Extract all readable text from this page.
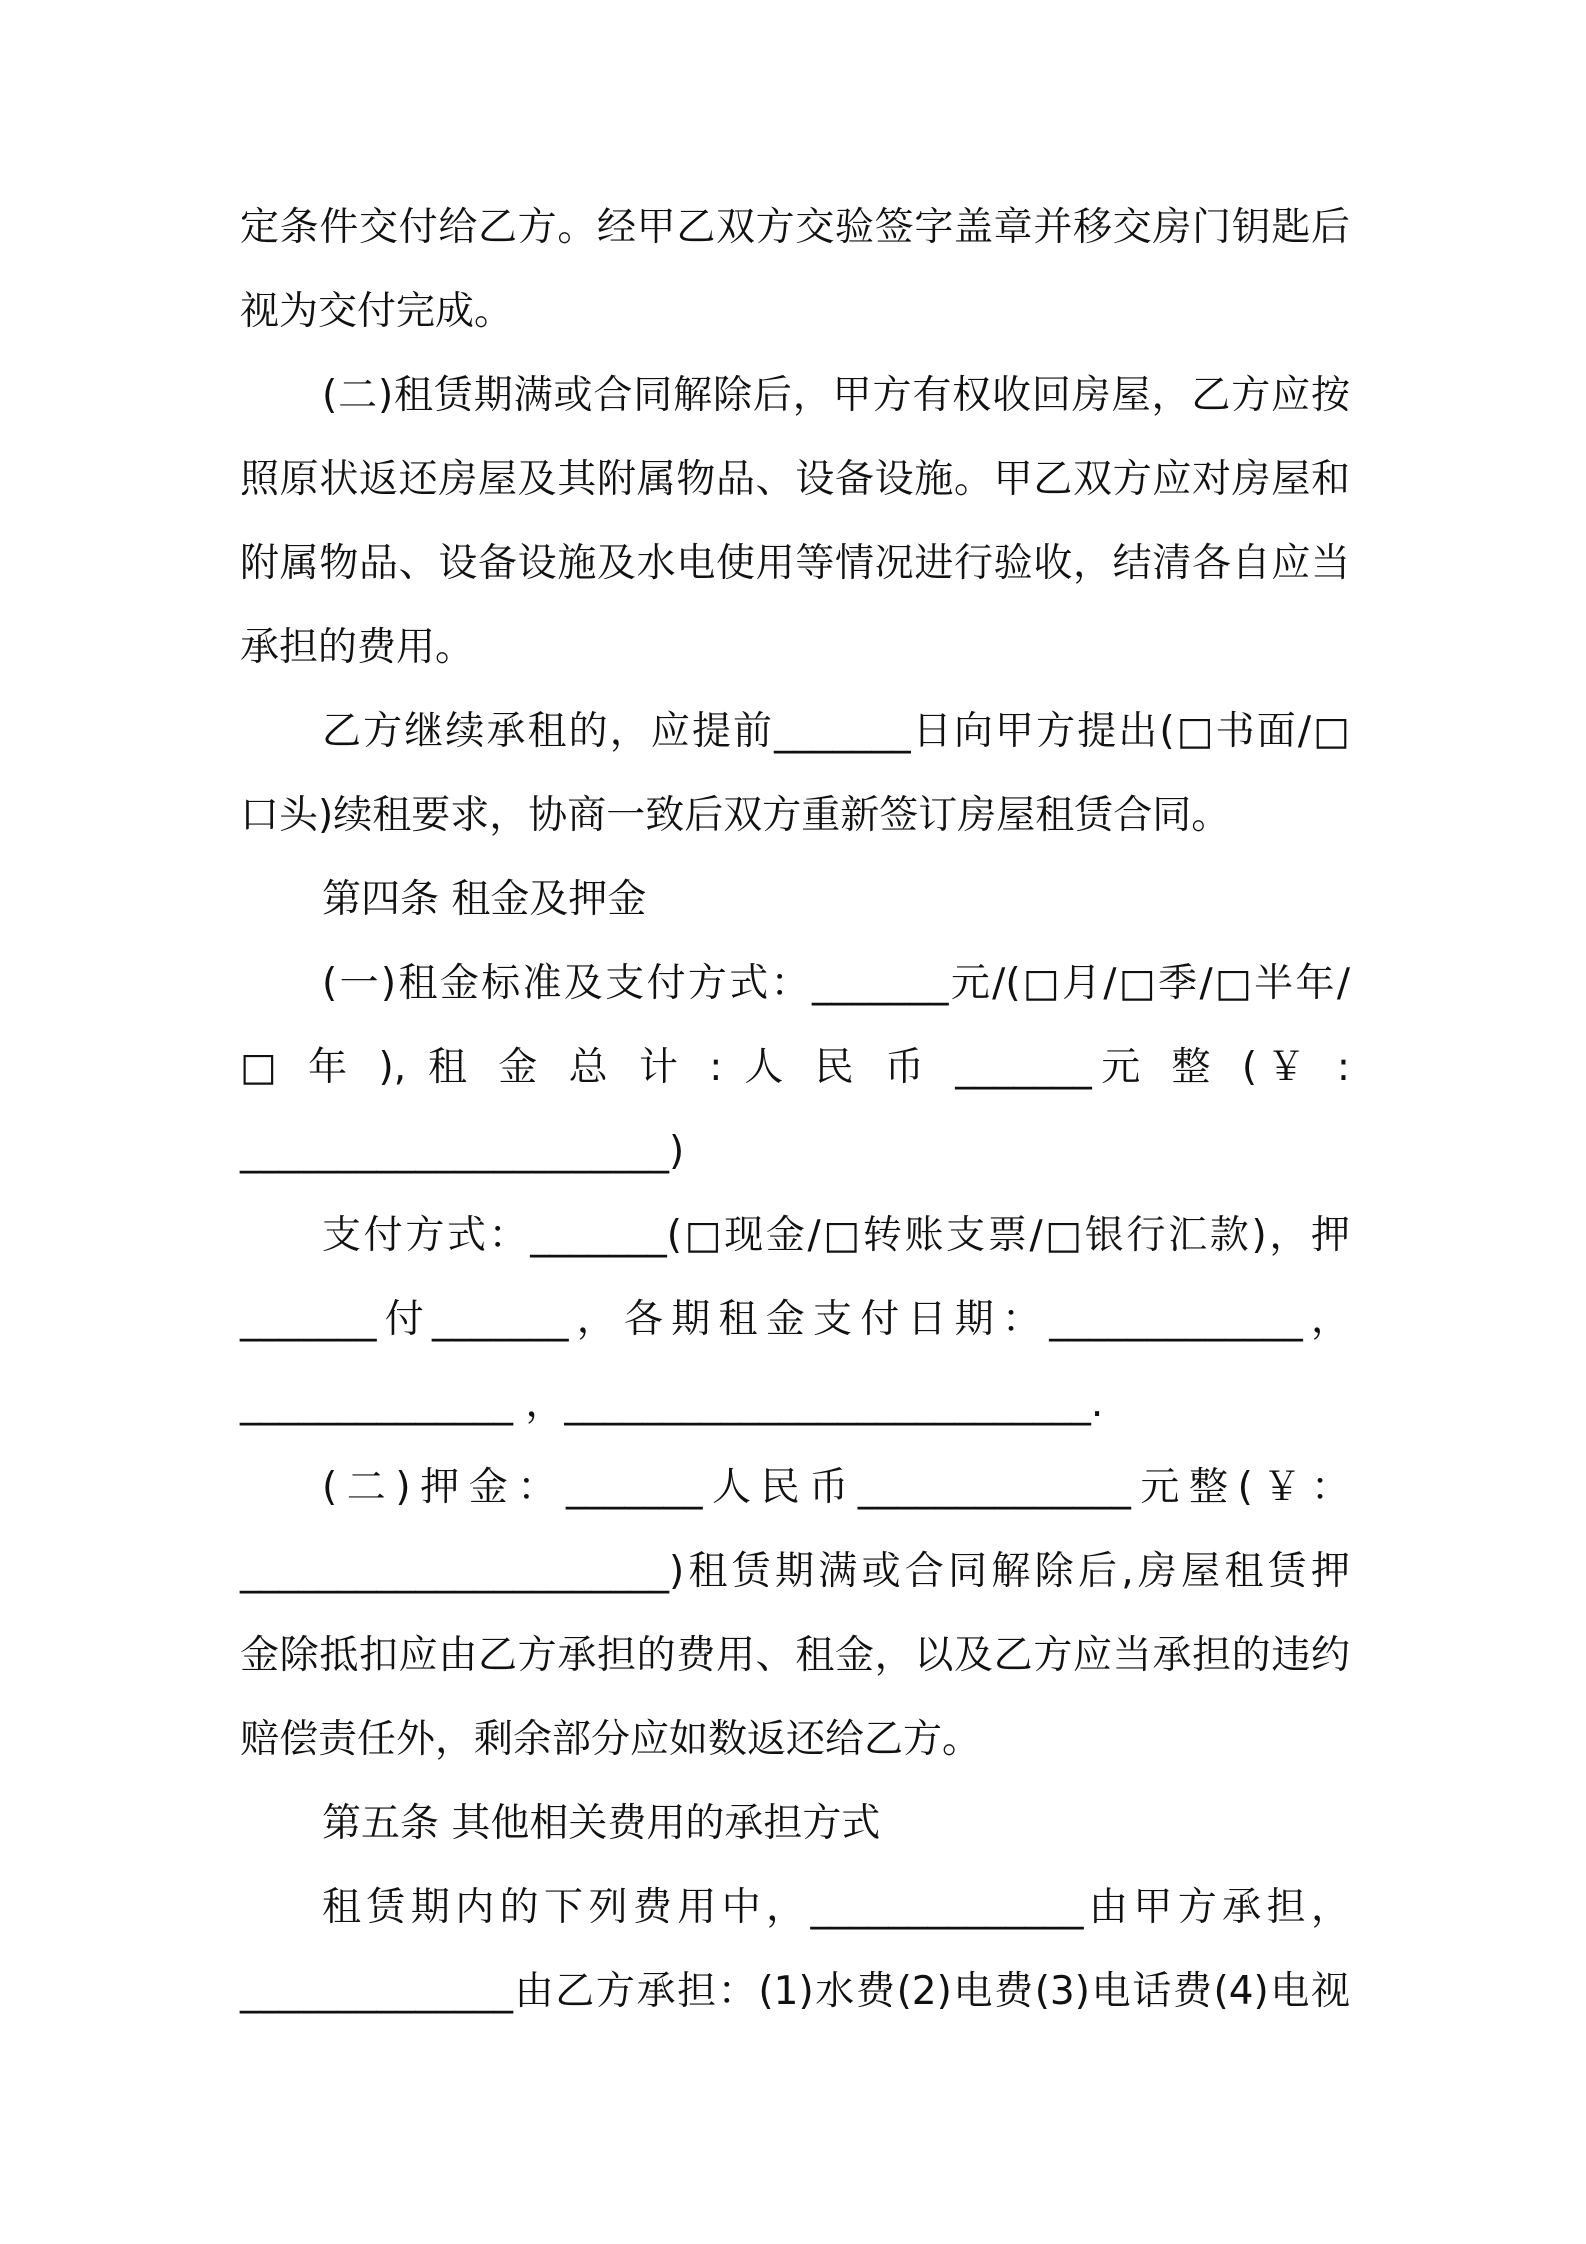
定条件交付给乙方。经甲乙双方交验签字盖章并移交房门钥匙后
视为交付完成。
(二)租赁期满或合同解除后，甲方有权收回房屋，乙方应按
照原状返还房屋及其附属物品、设备设施。甲乙双方应对房屋和
附属物品、设备设施及水电使用等情况进行验收，结清各自应当
承担的费用。
乙方继续承租的，应提前_______日向甲方提出(□书面/□
口头)续租要求，协商一致后双方重新签订房屋租赁合同。
第四条 租金及押金
(一)租金标准及支付方式：_______元/(□月/□季/□半年/
□ 年 ), 租 金 总 计 : 人 民 币 _______元 整 (￥ :
______________________)
支付方式：_______(□现金/□转账支票/□银行汇款)，押
_______付_______，各期租金支付日期：_____________，
______________ ，___________________________.
(二)押金：_______人民币______________元整(￥：
______________________)租赁期满或合同解除后,房屋租赁押
金除抵扣应由乙方承担的费用、租金，以及乙方应当承担的违约
赔偿责任外，剩余部分应如数返还给乙方。
第五条 其他相关费用的承担方式
租赁期内的下列费用中，______________由甲方承担，
______________由乙方承担：(1)水费(2)电费(3)电话费(4)电视
